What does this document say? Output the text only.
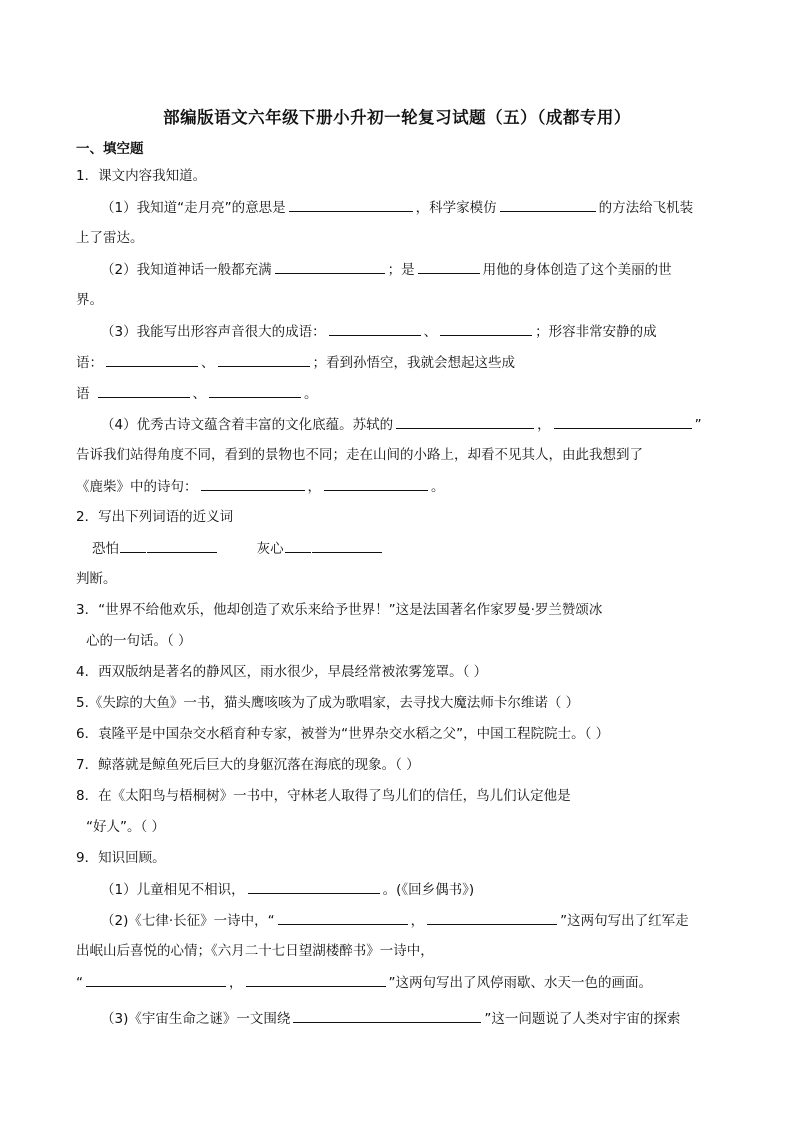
部编版语文六年级下册小升初一轮复习试题（五）（成都专用）
一、填空题
1．课文内容我知道。
（1）我知道“走月亮”的意思是	，科学家模仿	的方法给飞机装
上了雷达。
（2）我知道神话一般都充满	；是	用他的身体创造了这个美丽的世
界。
（3）我能写出形容声音很大的成语：	、	；形容非常安静的成
语：	、	；看到孙悟空，我就会想起这些成
语	、	。
（4）优秀古诗文蕴含着丰富的文化底蕴。苏轼的	，	”
告诉我们站得角度不同，看到的景物也不同；走在山间的小路上，却看不见其人，由此我想到了
《鹿柴》中的诗句：	，	。
2．写出下列词语的近义词
恐怕	灰心
判断。
3．“世界不给他欢乐，他却创造了欢乐来给予世界！”这是法国著名作家罗曼·罗兰赞颂冰
心的一句话。（ ）
4．西双版纳是著名的静风区，雨水很少，早晨经常被浓雾笼罩。（ ）
5.《失踪的大鱼》一书，猫头鹰咳咳为了成为歌唱家，去寻找大魔法师卡尔维诺（ ）
6．袁隆平是中国杂交水稻育种专家，被誉为“世界杂交水稻之父”，中国工程院院士。（ ）
7．鲸落就是鲸鱼死后巨大的身躯沉落在海底的现象。（ ）
8．在《太阳鸟与梧桐树》一书中，守林老人取得了鸟儿们的信任，鸟儿们认定他是
“好人”。（ ）
9．知识回顾。
（1）儿童相见不相识，	。(《回乡偶书》)
（2)《七律·长征》一诗中，“	，	”这两句写出了红军走
出岷山后喜悦的心情；《六月二十七日望湖楼醉书》一诗中，
“	，	”这两句写出了风停雨歇、水天一色的画面。
（3)《宇宙生命之谜》一文围绕	”这一问题说了人类对宇宙的探索
